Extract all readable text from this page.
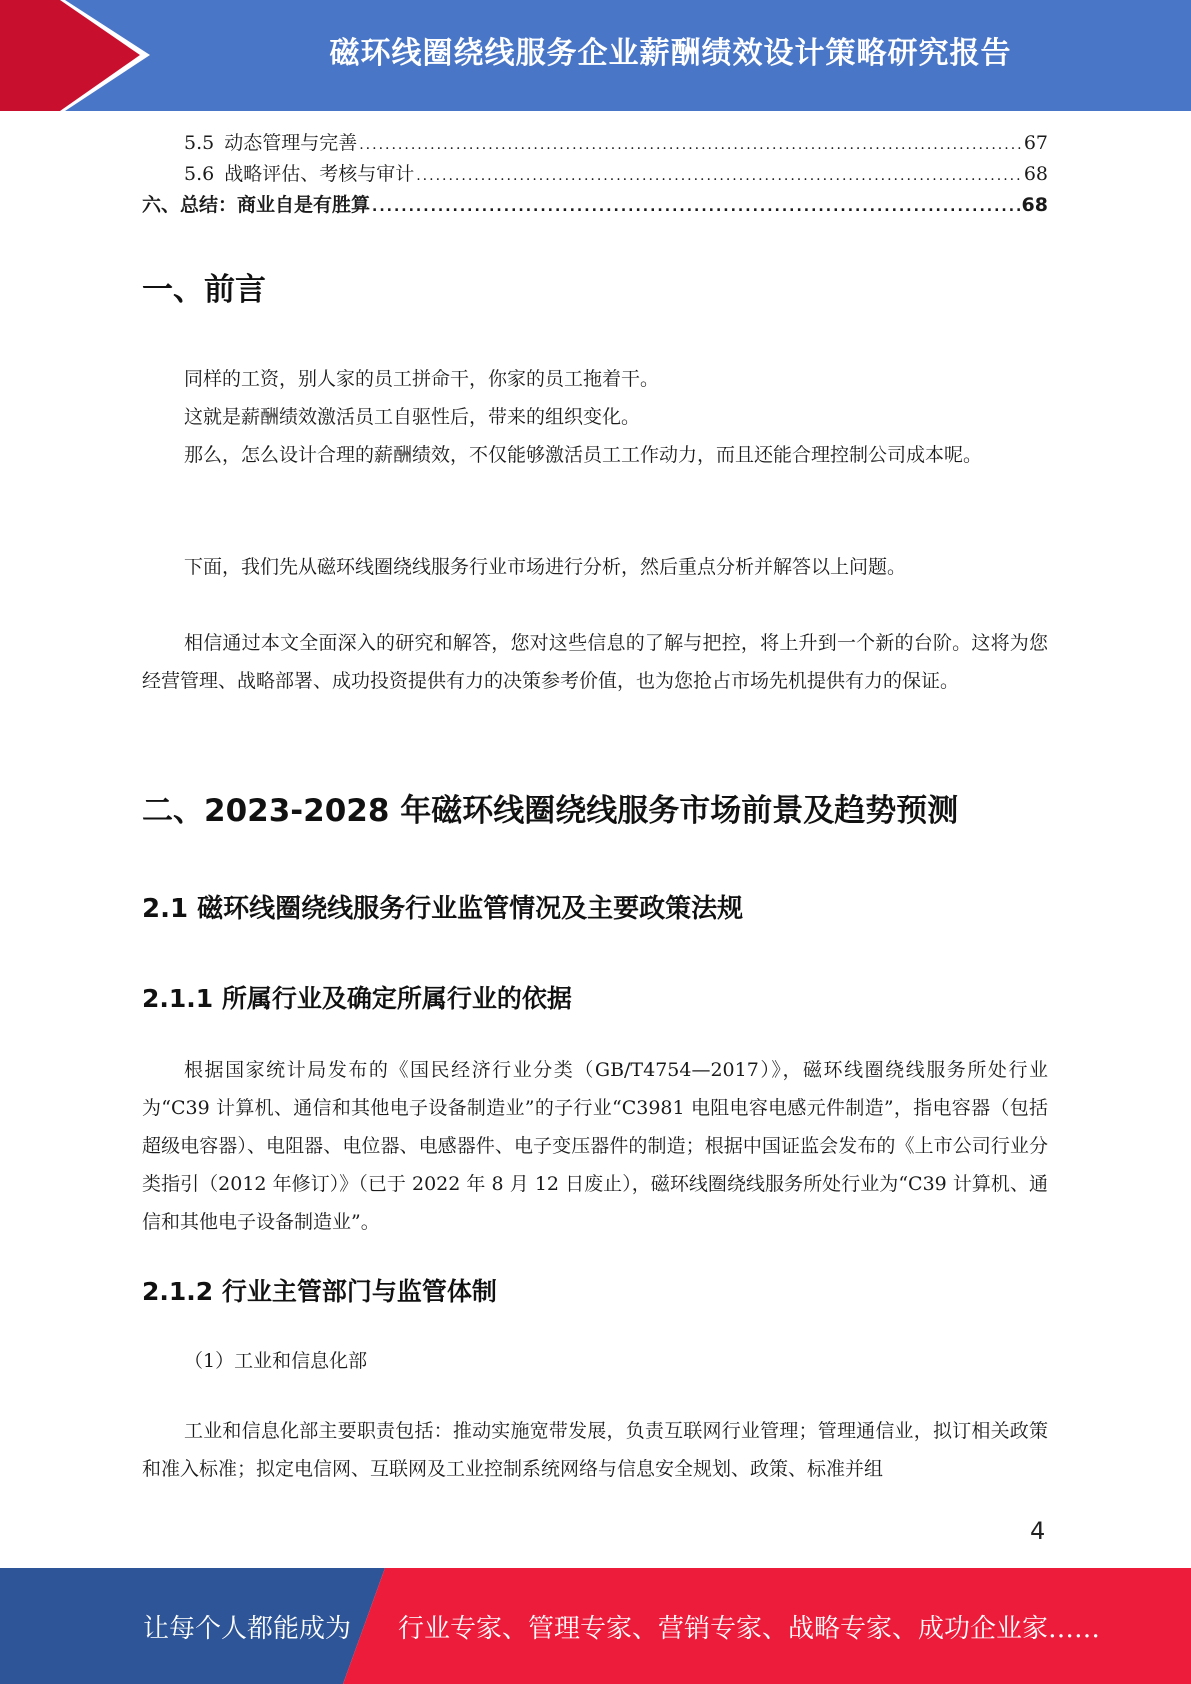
磁环线圈绕线服务企业薪酬绩效设计策略研究报告
5.5 动态管理与完善 .....	67
5.6 战略评估、考核与审计 .....	68
六、总结：商业自是有胜算 .....	68
一、前言

同样的工资，别人家的员工拼命干，你家的员工拖着干。

这就是薪酬绩效激活员工自驱性后，带来的组织变化。

那么，怎么设计合理的薪酬绩效，不仅能够激活员工工作动力，而且还能合理控制公司成本呢。

下面，我们先从磁环线圈绕线服务行业市场进行分析，然后重点分析并解答以上问题。

相信通过本文全面深入的研究和解答，您对这些信息的了解与把控，将上升到一个新的台阶。这将为您经营管理、战略部署、成功投资提供有力的决策参考价值，也为您抢占市场先机提供有力的保证。

二、2023-2028 年磁环线圈绕线服务市场前景及趋势预测
2.1 磁环线圈绕线服务行业监管情况及主要政策法规
2.1.1 所属行业及确定所属行业的依据

根据国家统计局发布的《国民经济行业分类（GB/T4754—2017）》，磁环线圈绕线服务所处行业为“C39 计算机、通信和其他电子设备制造业”的子行业“C3981 电阻电容电感元件制造”，指电容器（包括超级电容器）、电阻器、电位器、电感器件、电子变压器件的制造；根据中国证监会发布的《上市公司行业分类指引（2012 年修订）》（已于 2022 年 8 月 12 日废止），磁环线圈绕线服务所处行业为“C39 计算机、通信和其他电子设备制造业”。

2.1.2 行业主管部门与监管体制

（1）工业和信息化部

工业和信息化部主要职责包括：推动实施宽带发展，负责互联网行业管理；管理通信业，拟订相关政策和准入标准；拟定电信网、互联网及工业控制系统网络与信息安全规划、政策、标准并组

4
让每个人都能成为 行业专家、管理专家、营销专家、战略专家、成功企业家……
